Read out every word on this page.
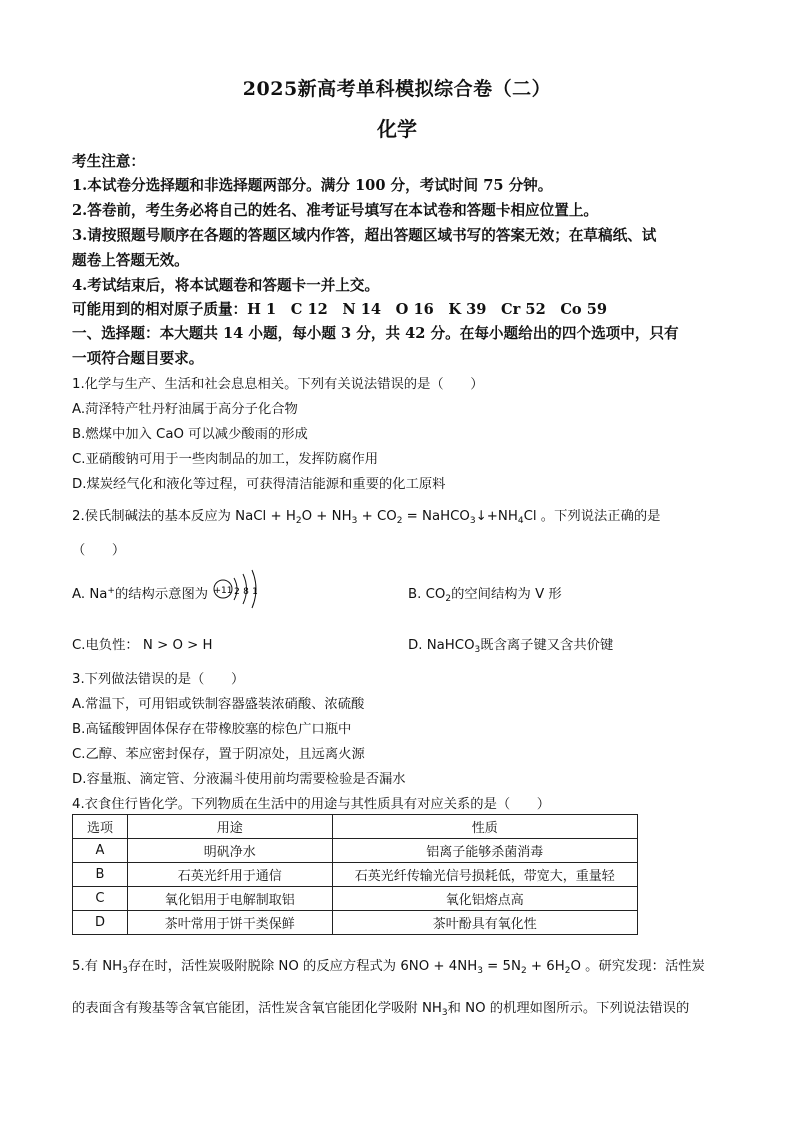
2025新高考单科模拟综合卷（二）
化学
考生注意：
1.本试卷分选择题和非选择题两部分。满分 100 分，考试时间 75 分钟。
2.答卷前，考生务必将自己的姓名、准考证号填写在本试卷和答题卡相应位置上。
3.请按照题号顺序在各题的答题区域内作答，超出答题区域书写的答案无效；在草稿纸、试
题卷上答题无效。
4.考试结束后，将本试题卷和答题卡一并上交。
可能用到的相对原子质量：H 1　C 12　N 14　O 16　K 39　Cr 52　Co 59
一、选择题：本大题共 14 小题，每小题 3 分，共 42 分。在每小题给出的四个选项中，只有
一项符合题目要求。
1.化学与生产、生活和社会息息相关。下列有关说法错误的是（　　）
A.菏泽特产牡丹籽油属于高分子化合物
B.燃煤中加入 CaO 可以减少酸雨的形成
C.亚硝酸钠可用于一些肉制品的加工，发挥防腐作用
D.煤炭经气化和液化等过程，可获得清洁能源和重要的化工原料
2.侯氏制碱法的基本反应为 NaCl + $H_2O + NH_3 + CO_2$ = $NaHCO_3↓+NH_4Cl$ 。下列说法正确的是
（　　）
A. Na+的结构示意图为 +11 2 8 1	B. $CO_2$的空间结构为 V 形
C.电负性： N > O > H	D. NaHCO$_3$既含离子键又含共价键
3.下列做法错误的是（　　）
A.常温下，可用铝或铁制容器盛装浓硝酸、浓硫酸
B.高锰酸钾固体保存在带橡胶塞的棕色广口瓶中
C.乙醇、苯应密封保存，置于阴凉处，且远离火源
D.容量瓶、滴定管、分液漏斗使用前均需要检验是否漏水
4.衣食住行皆化学。下列物质在生活中的用途与其性质具有对应关系的是（　　）
选项	用途	性质
A	明矾净水	铝离子能够杀菌消毒
B	石英光纤用于通信	石英光纤传输光信号损耗低，带宽大，重量轻
C	氧化铝用于电解制取铝	氧化铝熔点高
D	茶叶常用于饼干类保鲜	茶叶酚具有氧化性
5.有 $NH_3$存在时，活性炭吸附脱除 NO 的反应方程式为 $6NO + 4NH_3 = 5N_2 + 6H_2O$ 。研究发现：活性炭
的表面含有羧基等含氧官能团，活性炭含氧官能团化学吸附 $NH_3$和 NO 的机理如图所示。下列说法错误的
